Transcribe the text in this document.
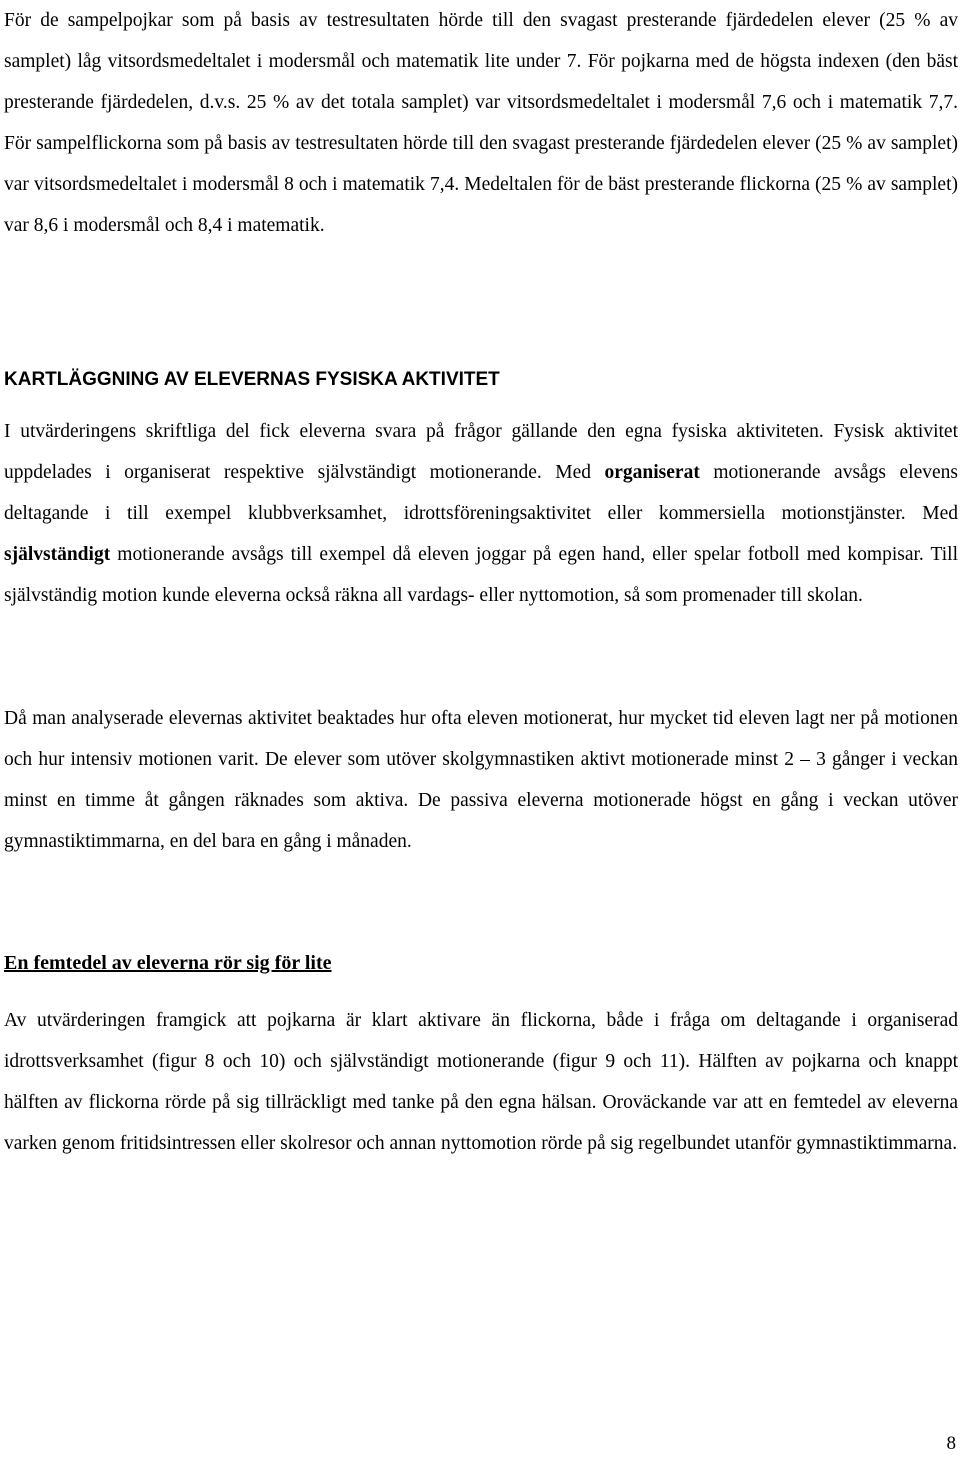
För de sampelpojkar som på basis av testresultaten hörde till den svagast presterande fjärdedelen elever (25 % av samplet) låg vitsordsmedeltalet i modersmål och matematik lite under 7. För pojkarna med de högsta indexen (den bäst presterande fjärdedelen, d.v.s. 25 % av det totala samplet) var vitsordsmedeltalet i modersmål 7,6 och i matematik 7,7. För sampelflickorna som på basis av testresultaten hörde till den svagast presterande fjärdedelen elever (25 % av samplet) var vitsordsmedeltalet i modersmål 8 och i matematik 7,4. Medeltalen för de bäst presterande flickorna (25 % av samplet) var 8,6 i modersmål och 8,4 i matematik.

KARTLÄGGNING AV ELEVERNAS FYSISKA AKTIVITET

I utvärderingens skriftliga del fick eleverna svara på frågor gällande den egna fysiska aktiviteten. Fysisk aktivitet uppdelades i organiserat respektive självständigt motionerande. Med organiserat motionerande avsågs elevens deltagande i till exempel klubbverksamhet, idrottsföreningsaktivitet eller kommersiella motionstjänster. Med självständigt motionerande avsågs till exempel då eleven joggar på egen hand, eller spelar fotboll med kompisar. Till självständig motion kunde eleverna också räkna all vardags- eller nyttomotion, så som promenader till skolan.

Då man analyserade elevernas aktivitet beaktades hur ofta eleven motionerat, hur mycket tid eleven lagt ner på motionen och hur intensiv motionen varit. De elever som utöver skolgymnastiken aktivt motionerade minst 2 – 3 gånger i veckan minst en timme åt gången räknades som aktiva. De passiva eleverna motionerade högst en gång i veckan utöver gymnastiktimmarna, en del bara en gång i månaden.

En femtedel av eleverna rör sig för lite

Av utvärderingen framgick att pojkarna är klart aktivare än flickorna, både i fråga om deltagande i organiserad idrottsverksamhet (figur 8 och 10) och självständigt motionerande (figur 9 och 11). Hälften av pojkarna och knappt hälften av flickorna rörde på sig tillräckligt med tanke på den egna hälsan. Oroväckande var att en femtedel av eleverna varken genom fritidsintressen eller skolresor och annan nyttomotion rörde på sig regelbundet utanför gymnastiktimmarna.

8
